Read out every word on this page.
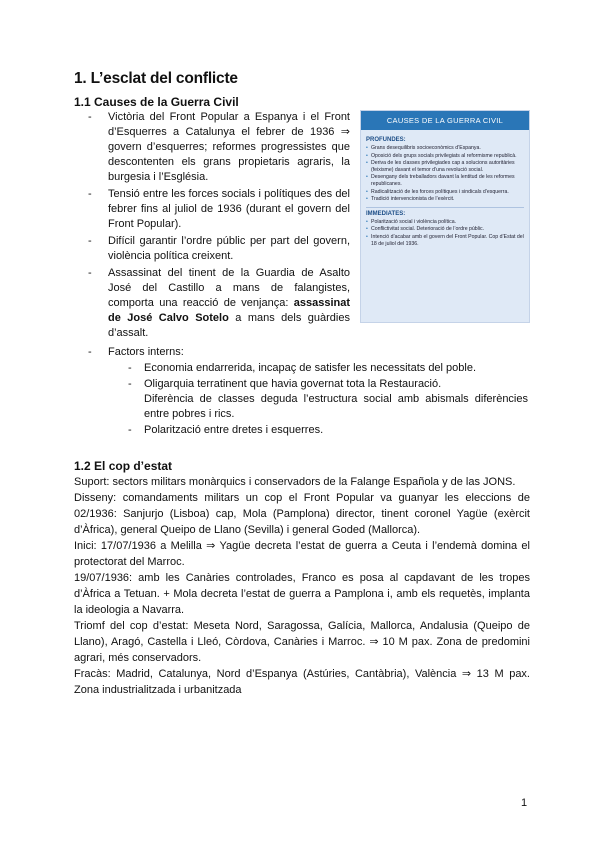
1. L’esclat del conflicte
1.1 Causes de la Guerra Civil
- Victòria del Front Popular a Espanya i el Front d’Esquerres a Catalunya el febrer de 1936 ⇒ govern d’esquerres; reformes progressistes que descontenten els grans propietaris agraris, la burgesia i l’Església.
- Tensió entre les forces socials i polítiques des del febrer fins al juliol de 1936 (durant el govern del Front Popular).
- Difícil garantir l’ordre públic per part del govern, violència política creixent.
- Assassinat del tinent de la Guardia de Asalto José del Castillo a mans de falangistes, comporta una reacció de venjança: assassinat de José Calvo Sotelo a mans dels guàrdies d’assalt.
CAUSES DE LA GUERRA CIVIL
PROFUNDES:
• Grans desequilibris socioeconòmics d’Espanya.
• Oposició dels grups socials privilegiats al reformisme republicà.
• Deriva de les classes privilegiades cap a solucions autoritàries (feixisme) davant el temor d’una revolució social.
• Desengany dels treballadors davant la lentitud de les reformes republicanes.
• Radicalització de les forces polítiques i sindicals d’esquerra.
• Tradició intervencionista de l’exèrcit.
IMMEDIATES:
• Polarització social i violència política.
• Conflictivitat social. Deterioració de l’ordre públic.
• Intenció d’acabar amb el govern del Front Popular. Cop d’Estat del 18 de juliol del 1936.
- Factors interns:
- Economia endarrerida, incapaç de satisfer les necessitats del poble.
- Oligarquia terratinent que havia governat tota la Restauració.
Diferència de classes deguda l’estructura social amb abismals diferències entre pobres i rics.
- Polarització entre dretes i esquerres.
1.2 El cop d’estat

Suport: sectors militars monàrquics i conservadors de la Falange Española y de las JONS.

Disseny: comandaments militars un cop el Front Popular va guanyar les eleccions de 02/1936: Sanjurjo (Lisboa) cap, Mola (Pamplona) director, tinent coronel Yagüe (exèrcit d’Àfrica), general Queipo de Llano (Sevilla) i general Goded (Mallorca).

Inici: 17/07/1936 a Melilla ⇒ Yagüe decreta l’estat de guerra a Ceuta i l’endemà domina el protectorat del Marroc.

19/07/1936: amb les Canàries controlades, Franco es posa al capdavant de les tropes d’Àfrica a Tetuan. + Mola decreta l’estat de guerra a Pamplona i, amb els requetès, implanta la ideologia a Navarra.

Triomf del cop d’estat: Meseta Nord, Saragossa, Galícia, Mallorca, Andalusia (Queipo de Llano), Aragó, Castella i Lleó, Còrdova, Canàries i Marroc. ⇒ 10 M pax. Zona de predomini agrari, més conservadors.

Fracàs: Madrid, Catalunya, Nord d’Espanya (Astúries, Cantàbria), València ⇒ 13 M pax. Zona industrialitzada i urbanitzada

1
